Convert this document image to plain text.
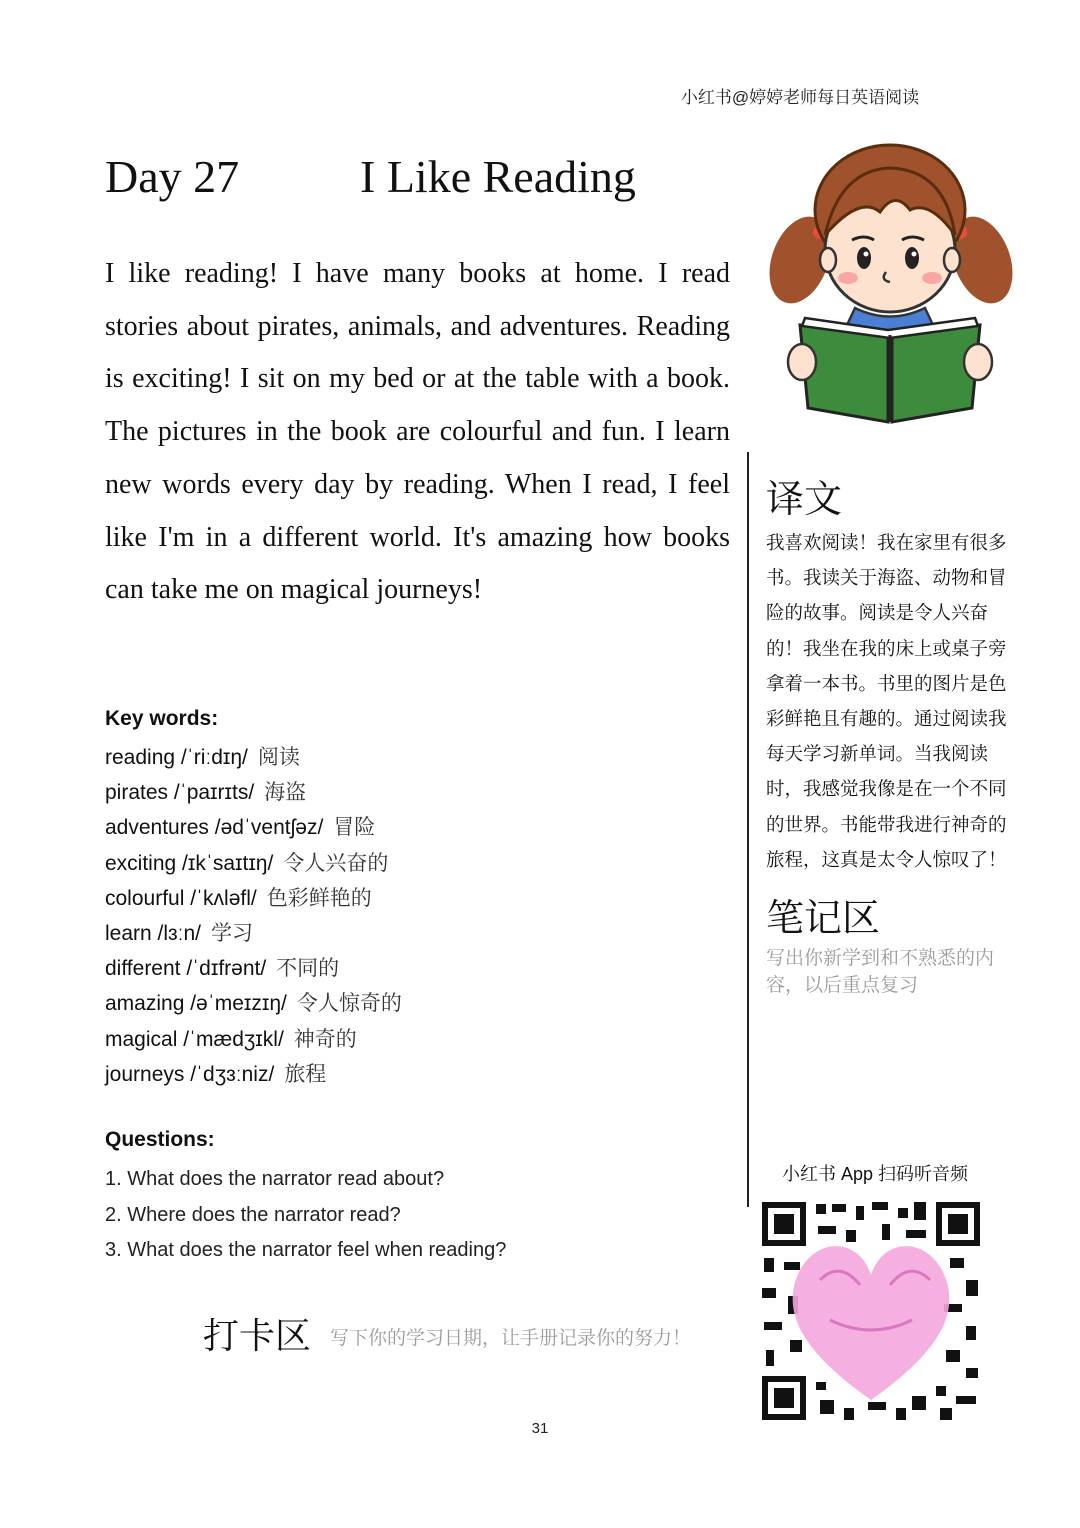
小红书@婷婷老师每日英语阅读
Day 27	I Like Reading

I like reading! I have many books at home. I read stories about pirates, animals, and adventures. Reading is exciting! I sit on my bed or at the table with a book. The pictures in the book are colourful and fun. I learn new words every day by reading. When I read, I feel like I'm in a different world. It's amazing how books can take me on magical journeys!

Key words:
reading /ˈriːdɪŋ/ 阅读
pirates /ˈpaɪrɪts/ 海盗
adventures /ədˈventʃəz/ 冒险
exciting /ɪkˈsaɪtɪŋ/ 令人兴奋的
colourful /ˈkʌləfl/ 色彩鲜艳的
learn /lɜːn/ 学习
different /ˈdɪfrənt/ 不同的
amazing /əˈmeɪzɪŋ/ 令人惊奇的
magical /ˈmædʒɪkl/ 神奇的
journeys /ˈdʒɜːniz/ 旅程
Questions:
1. What does the narrator read about?
2. Where does the narrator read?
3. What does the narrator feel when reading?
打卡区 写下你的学习日期，让手册记录你的努力！
31
译文

我喜欢阅读！我在家里有很多书。我读关于海盗、动物和冒险的故事。阅读是令人兴奋的！我坐在我的床上或桌子旁拿着一本书。书里的图片是色彩鲜艳且有趣的。通过阅读我每天学习新单词。当我阅读时，我感觉我像是在一个不同的世界。书能带我进行神奇的旅程，这真是太令人惊叹了！

笔记区

写出你新学到和不熟悉的内容，以后重点复习

小红书 App 扫码听音频
